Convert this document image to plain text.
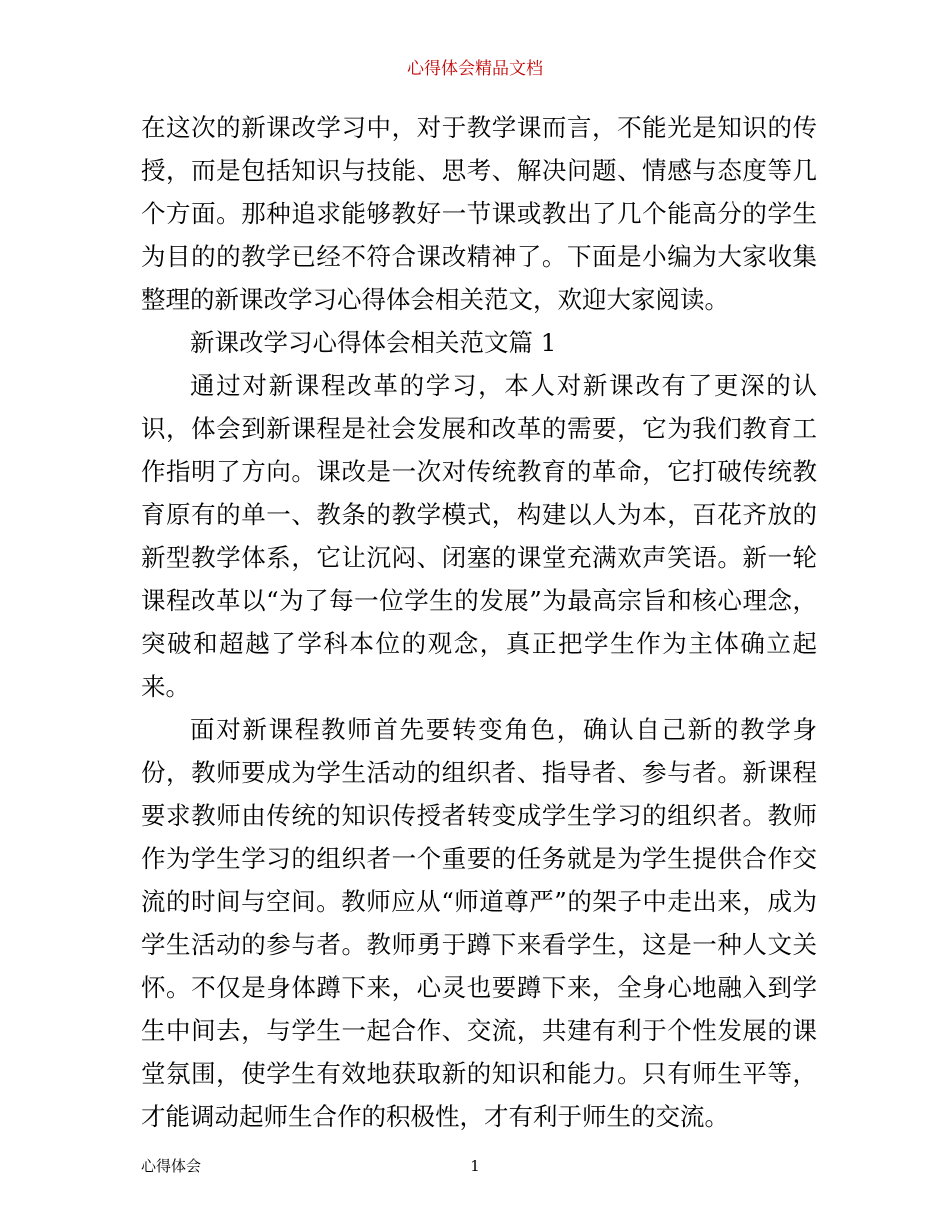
心得体会精品文档

在这次的新课改学习中，对于教学课而言，不能光是知识的传授，而是包括知识与技能、思考、解决问题、情感与态度等几个方面。那种追求能够教好一节课或教出了几个能高分的学生为目的的教学已经不符合课改精神了。下面是小编为大家收集整理的新课改学习心得体会相关范文，欢迎大家阅读。

新课改学习心得体会相关范文篇 1

通过对新课程改革的学习，本人对新课改有了更深的认识，体会到新课程是社会发展和改革的需要，它为我们教育工作指明了方向。课改是一次对传统教育的革命，它打破传统教育原有的单一、教条的教学模式，构建以人为本，百花齐放的新型教学体系，它让沉闷、闭塞的课堂充满欢声笑语。新一轮课程改革以“为了每一位学生的发展”为最高宗旨和核心理念，突破和超越了学科本位的观念，真正把学生作为主体确立起来。

面对新课程教师首先要转变角色，确认自己新的教学身份，教师要成为学生活动的组织者、指导者、参与者。新课程要求教师由传统的知识传授者转变成学生学习的组织者。教师作为学生学习的组织者一个重要的任务就是为学生提供合作交流的时间与空间。教师应从“师道尊严”的架子中走出来，成为学生活动的参与者。教师勇于蹲下来看学生，这是一种人文关怀。不仅是身体蹲下来，心灵也要蹲下来，全身心地融入到学生中间去，与学生一起合作、交流，共建有利于个性发展的课堂氛围，使学生有效地获取新的知识和能力。只有师生平等，才能调动起师生合作的积极性，才有利于师生的交流。

心得体会	1
